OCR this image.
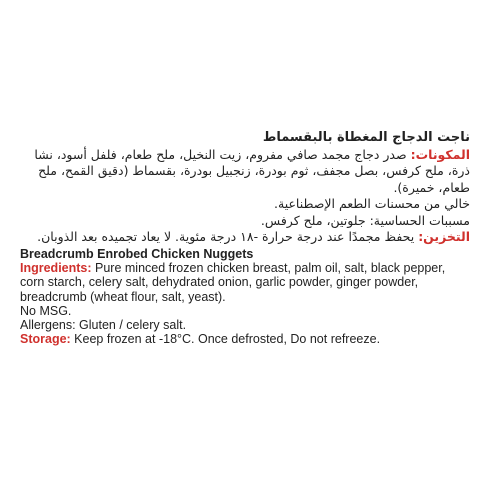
ناجت الدجاج المغطاة بالبقسماط

المكونات: صدر دجاج مجمد صافي مفروم، زيت النخيل، ملح طعام، فلفل أسود، نشا ذرة، ملح كرفس، بصل مجفف، ثوم بودرة، زنجبيل بودرة، بقسماط (دقيق القمح، ملح طعام، خميرة).

خالي من محسنات الطعم الإصطناعية.

مسببات الحساسية: جلوتين، ملح كرفس.

التخزين: يحفظ مجمدًا عند درجة حرارة -١٨ درجة مئوية. لا يعاد تجميده بعد الذوبان.

Breadcrumb Enrobed Chicken Nuggets

Ingredients: Pure minced frozen chicken breast, palm oil, salt, black pepper, corn starch, celery salt, dehydrated onion, garlic powder, ginger powder, breadcrumb (wheat flour, salt, yeast).

No MSG.

Allergens: Gluten / celery salt.

Storage: Keep frozen at -18°C. Once defrosted, Do not refreeze.
